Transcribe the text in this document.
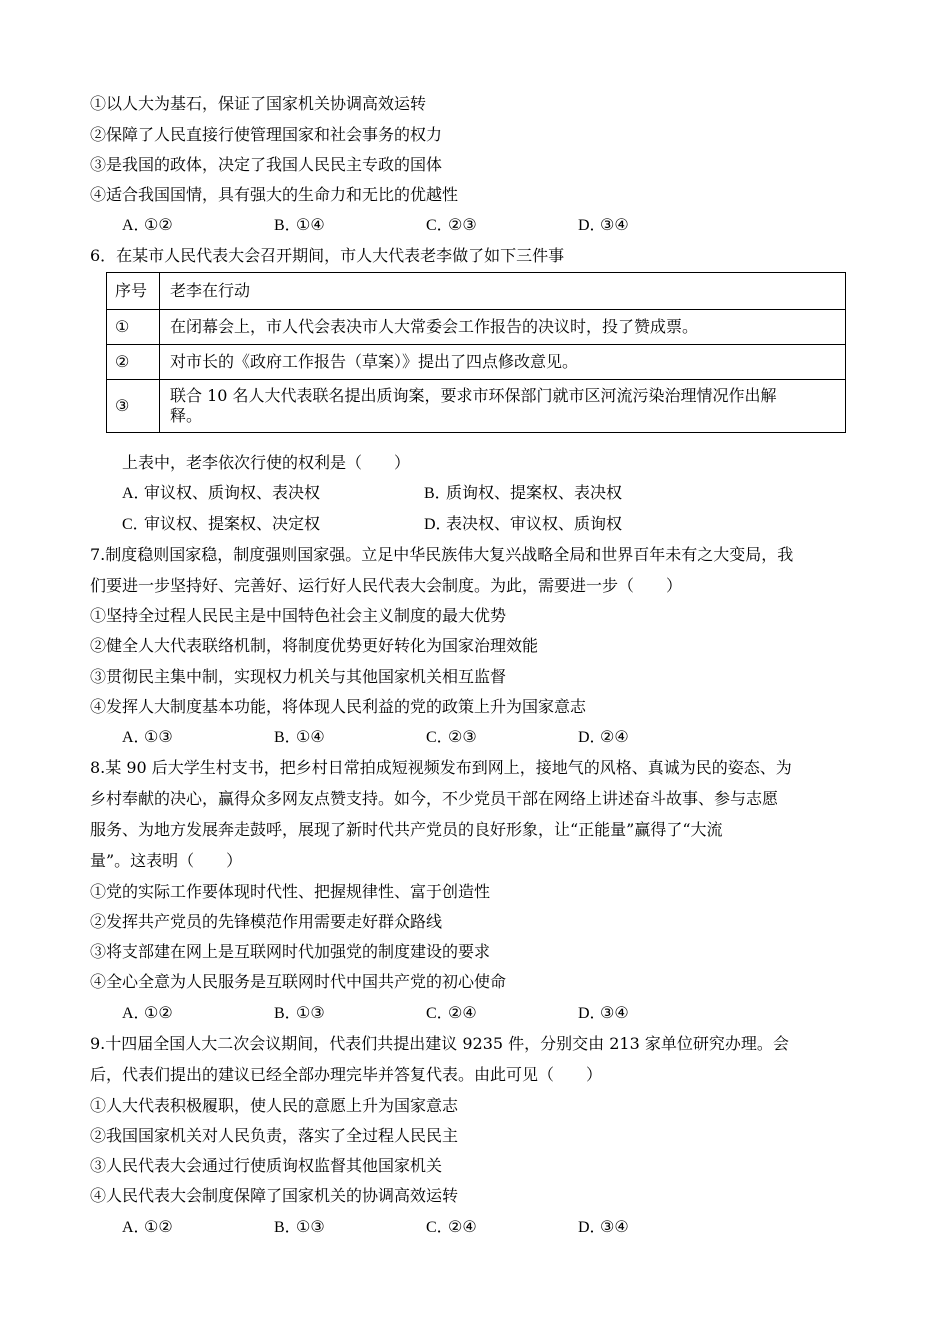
①以人大为基石，保证了国家机关协调高效运转
②保障了人民直接行使管理国家和社会事务的权力
③是我国的政体，决定了我国人民民主专政的国体
④适合我国国情，具有强大的生命力和无比的优越性
A．①②	B．①④	C．②③	D．③④
6．在某市人民代表大会召开期间，市人大代表老李做了如下三件事
序号	老李在行动
①	在闭幕会上，市人代会表决市人大常委会工作报告的决议时，投了赞成票。
②	对市长的《政府工作报告（草案）》提出了四点修改意见。
③	联合 10 名人大代表联名提出质询案，要求市环保部门就市区河流污染治理情况作出解
释。
上表中，老李依次行使的权利是（　　）
A．审议权、质询权、表决权	B．质询权、提案权、表决权
C．审议权、提案权、决定权	D．表决权、审议权、质询权
7.制度稳则国家稳，制度强则国家强。立足中华民族伟大复兴战略全局和世界百年未有之大变局，我
们要进一步坚持好、完善好、运行好人民代表大会制度。为此，需要进一步（　　）
①坚持全过程人民民主是中国特色社会主义制度的最大优势
②健全人大代表联络机制，将制度优势更好转化为国家治理效能
③贯彻民主集中制，实现权力机关与其他国家机关相互监督
④发挥人大制度基本功能，将体现人民利益的党的政策上升为国家意志
A．①③	B．①④	C．②③	D．②④
8.某 90 后大学生村支书，把乡村日常拍成短视频发布到网上，接地气的风格、真诚为民的姿态、为
乡村奉献的决心，赢得众多网友点赞支持。如今，不少党员干部在网络上讲述奋斗故事、参与志愿
服务、为地方发展奔走鼓呼，展现了新时代共产党员的良好形象，让“正能量”赢得了“大流
量”。这表明（　　）
①党的实际工作要体现时代性、把握规律性、富于创造性
②发挥共产党员的先锋模范作用需要走好群众路线
③将支部建在网上是互联网时代加强党的制度建设的要求
④全心全意为人民服务是互联网时代中国共产党的初心使命
A．①②	B．①③	C．②④	D．③④
9.十四届全国人大二次会议期间，代表们共提出建议 9235 件，分别交由 213 家单位研究办理。会
后，代表们提出的建议已经全部办理完毕并答复代表。由此可见（　　）
①人大代表积极履职，使人民的意愿上升为国家意志
②我国国家机关对人民负责，落实了全过程人民民主
③人民代表大会通过行使质询权监督其他国家机关
④人民代表大会制度保障了国家机关的协调高效运转
A．①②	B．①③	C．②④	D．③④
